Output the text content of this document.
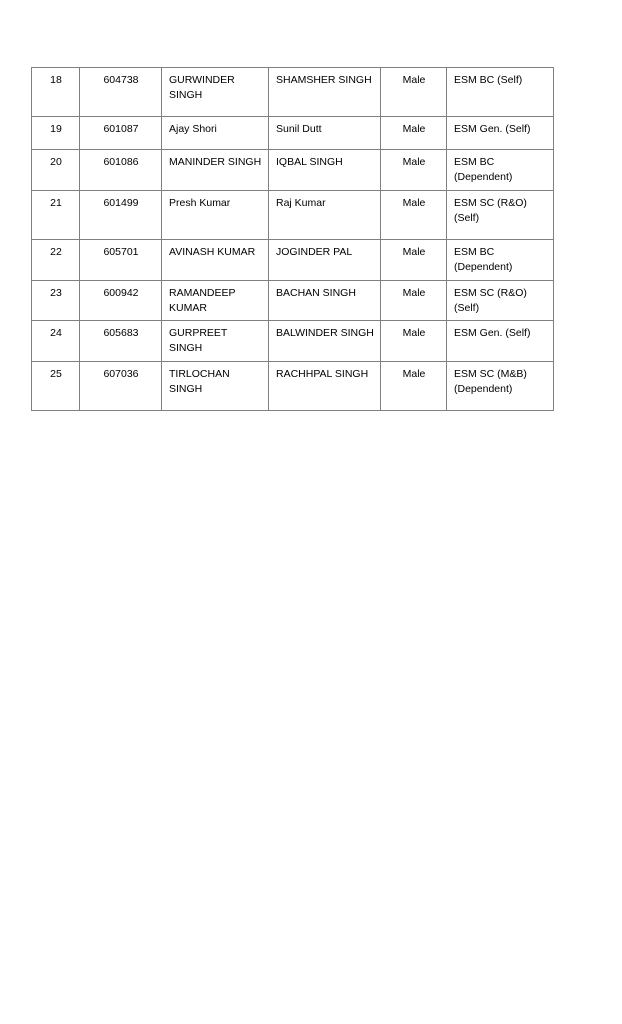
18	604738	GURWINDER SINGH	SHAMSHER SINGH	Male	ESM BC (Self)
19	601087	Ajay Shori	Sunil Dutt	Male	ESM Gen. (Self)
20	601086	MANINDER SINGH	IQBAL SINGH	Male	ESM BC (Dependent)
21	601499	Presh Kumar	Raj Kumar	Male	ESM SC (R&O) (Self)
22	605701	AVINASH KUMAR	JOGINDER PAL	Male	ESM BC (Dependent)
23	600942	RAMANDEEP KUMAR	BACHAN SINGH	Male	ESM SC (R&O) (Self)
24	605683	GURPREET SINGH	BALWINDER SINGH	Male	ESM Gen. (Self)
25	607036	TIRLOCHAN SINGH	RACHHPAL SINGH	Male	ESM SC (M&B) (Dependent)
